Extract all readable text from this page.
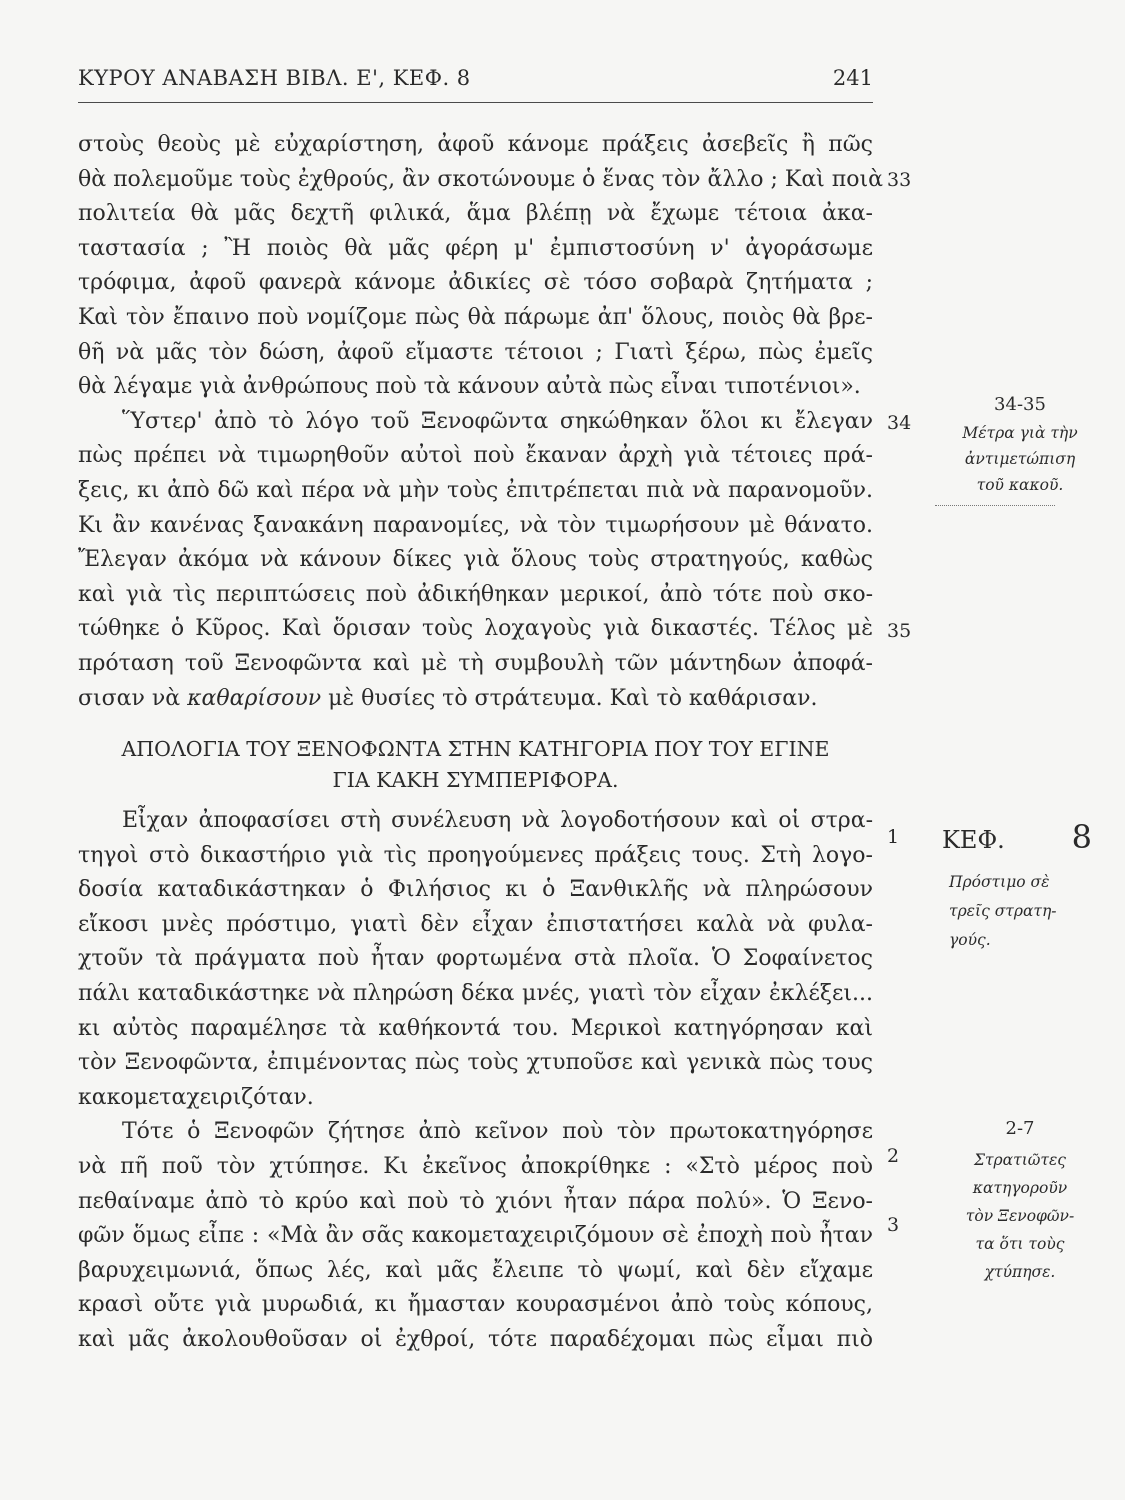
ΚΥΡΟΥ ΑΝΑΒΑΣΗ ΒΙΒΛ. Ε', ΚΕΦ. 8	241
στοὺς θεοὺς μὲ εὐχαρίστηση, ἀφοῦ κάνομε πράξεις ἀσεβεῖς ἢ πῶς
θὰ πολεμοῦμε τοὺς ἐχθρούς, ἂν σκοτώνουμε ὁ ἕνας τὸν ἄλλο ; Καὶ ποιὰ
πολιτεία θὰ μᾶς δεχτῆ φιλικά, ἅμα βλέπῃ νὰ ἔχωμε τέτοια ἀκα-
ταστασία ; Ἢ ποιὸς θὰ μᾶς φέρη μ' ἐμπιστοσύνη ν' ἀγοράσωμε
τρόφιμα, ἀφοῦ φανερὰ κάνομε ἀδικίες σὲ τόσο σοβαρὰ ζητήματα ;
Καὶ τὸν ἔπαινο ποὺ νομίζομε πὼς θὰ πάρωμε ἀπ' ὅλους, ποιὸς θὰ βρε-
θῆ νὰ μᾶς τὸν δώση, ἀφοῦ εἴμαστε τέτοιοι ; Γιατὶ ξέρω, πὼς ἐμεῖς
θὰ λέγαμε γιὰ ἀνθρώπους ποὺ τὰ κάνουν αὐτὰ πὼς εἶναι τιποτένιοι».
Ὕστερ' ἀπὸ τὸ λόγο τοῦ Ξενοφῶντα σηκώθηκαν ὅλοι κι ἔλεγαν
πὼς πρέπει νὰ τιμωρηθοῦν αὐτοὶ ποὺ ἔκαναν ἀρχὴ γιὰ τέτοιες πρά-
ξεις, κι ἀπὸ δῶ καὶ πέρα νὰ μὴν τοὺς ἐπιτρέπεται πιὰ νὰ παρανομοῦν.
Κι ἂν κανένας ξανακάνη παρανομίες, νὰ τὸν τιμωρήσουν μὲ θάνατο.
Ἔλεγαν ἀκόμα νὰ κάνουν δίκες γιὰ ὅλους τοὺς στρατηγούς, καθὼς
καὶ γιὰ τὶς περιπτώσεις ποὺ ἀδικήθηκαν μερικοί, ἀπὸ τότε ποὺ σκο-
τώθηκε ὁ Κῦρος. Καὶ ὅρισαν τοὺς λοχαγοὺς γιὰ δικαστές. Τέλος μὲ
πρόταση τοῦ Ξενοφῶντα καὶ μὲ τὴ συμβουλὴ τῶν μάντηδων ἀποφά-
σισαν νὰ καθαρίσουν μὲ θυσίες τὸ στράτευμα. Καὶ τὸ καθάρισαν.
ΑΠΟΛΟΓΙΑ ΤΟΥ ΞΕΝΟΦΩΝΤΑ ΣΤΗΝ ΚΑΤΗΓΟΡΙΑ ΠΟΥ ΤΟΥ ΕΓΙΝΕ
ΓΙΑ ΚΑΚΗ ΣΥΜΠΕΡΙΦΟΡΑ.
Εἶχαν ἀποφασίσει στὴ συνέλευση νὰ λογοδοτήσουν καὶ οἱ στρα-
τηγοὶ στὸ δικαστήριο γιὰ τὶς προηγούμενες πράξεις τους. Στὴ λογο-
δοσία καταδικάστηκαν ὁ Φιλήσιος κι ὁ Ξανθικλῆς νὰ πληρώσουν
εἴκοσι μνὲς πρόστιμο, γιατὶ δὲν εἶχαν ἐπιστατήσει καλὰ νὰ φυλα-
χτοῦν τὰ πράγματα ποὺ ἦταν φορτωμένα στὰ πλοῖα. Ὁ Σοφαίνετος
πάλι καταδικάστηκε νὰ πληρώση δέκα μνές, γιατὶ τὸν εἶχαν ἐκλέξει...
κι αὐτὸς παραμέλησε τὰ καθήκοντά του. Μερικοὶ κατηγόρησαν καὶ
τὸν Ξενοφῶντα, ἐπιμένοντας πὼς τοὺς χτυποῦσε καὶ γενικὰ πὼς τους
κακομεταχειριζόταν.
Τότε ὁ Ξενοφῶν ζήτησε ἀπὸ κεῖνον ποὺ τὸν πρωτοκατηγόρησε
νὰ πῆ ποῦ τὸν χτύπησε. Κι ἐκεῖνος ἀποκρίθηκε : «Στὸ μέρος ποὺ
πεθαίναμε ἀπὸ τὸ κρύο καὶ ποὺ τὸ χιόνι ἦταν πάρα πολύ». Ὁ Ξενο-
φῶν ὅμως εἶπε : «Μὰ ἂν σᾶς κακομεταχειριζόμουν σὲ ἐποχὴ ποὺ ἦταν
βαρυχειμωνιά, ὅπως λές, καὶ μᾶς ἔλειπε τὸ ψωμί, καὶ δὲν εἴχαμε
κρασὶ οὔτε γιὰ μυρωδιά, κι ἤμασταν κουρασμένοι ἀπὸ τοὺς κόπους,
καὶ μᾶς ἀκολουθοῦσαν οἱ ἐχθροί, τότε παραδέχομαι πὼς εἶμαι πιὸ
33
34
35
1
2
3
34-35
Μέτρα γιὰ τὴν
ἀντιμετώπιση
τοῦ κακοῦ.
ΚΕΦ. 8
Πρόστιμο σὲ
τρεῖς στρατη-
γούς.
2-7
Στρατιῶτες
κατηγοροῦν
τὸν Ξενοφῶν-
τα ὅτι τοὺς
χτύπησε.
